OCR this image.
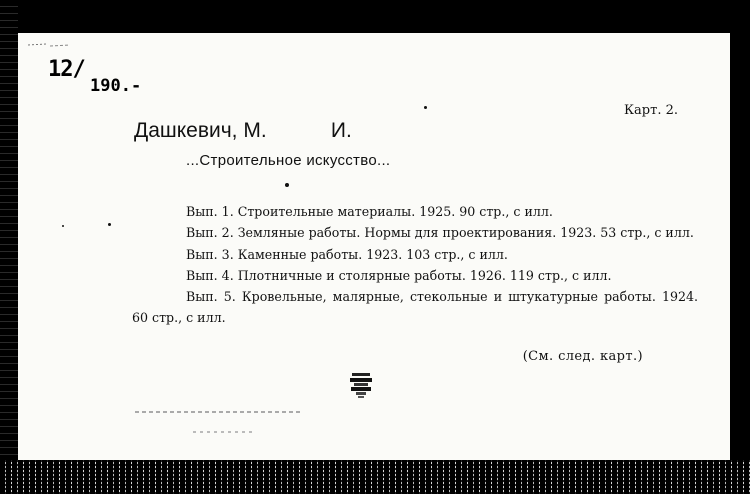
12/
190.-
Карт. 2.
Дашкевич, М.           И.
...Строительное искусство...
Вып. 1. Строительные материалы. 1925. 90 стр., с илл.
Вып. 2. Земляные работы. Нормы для проектирования. 1923. 53 стр., с илл.
Вып. 3. Каменные работы. 1923. 103 стр., с илл.
Вып. 4. Плотничные и столярные работы. 1926. 119 стр., с илл.
Вып. 5. Кровельные, малярные, стекольные и штукатурные работы. 1924. 60 стр., с илл.
(См. след. карт.)
